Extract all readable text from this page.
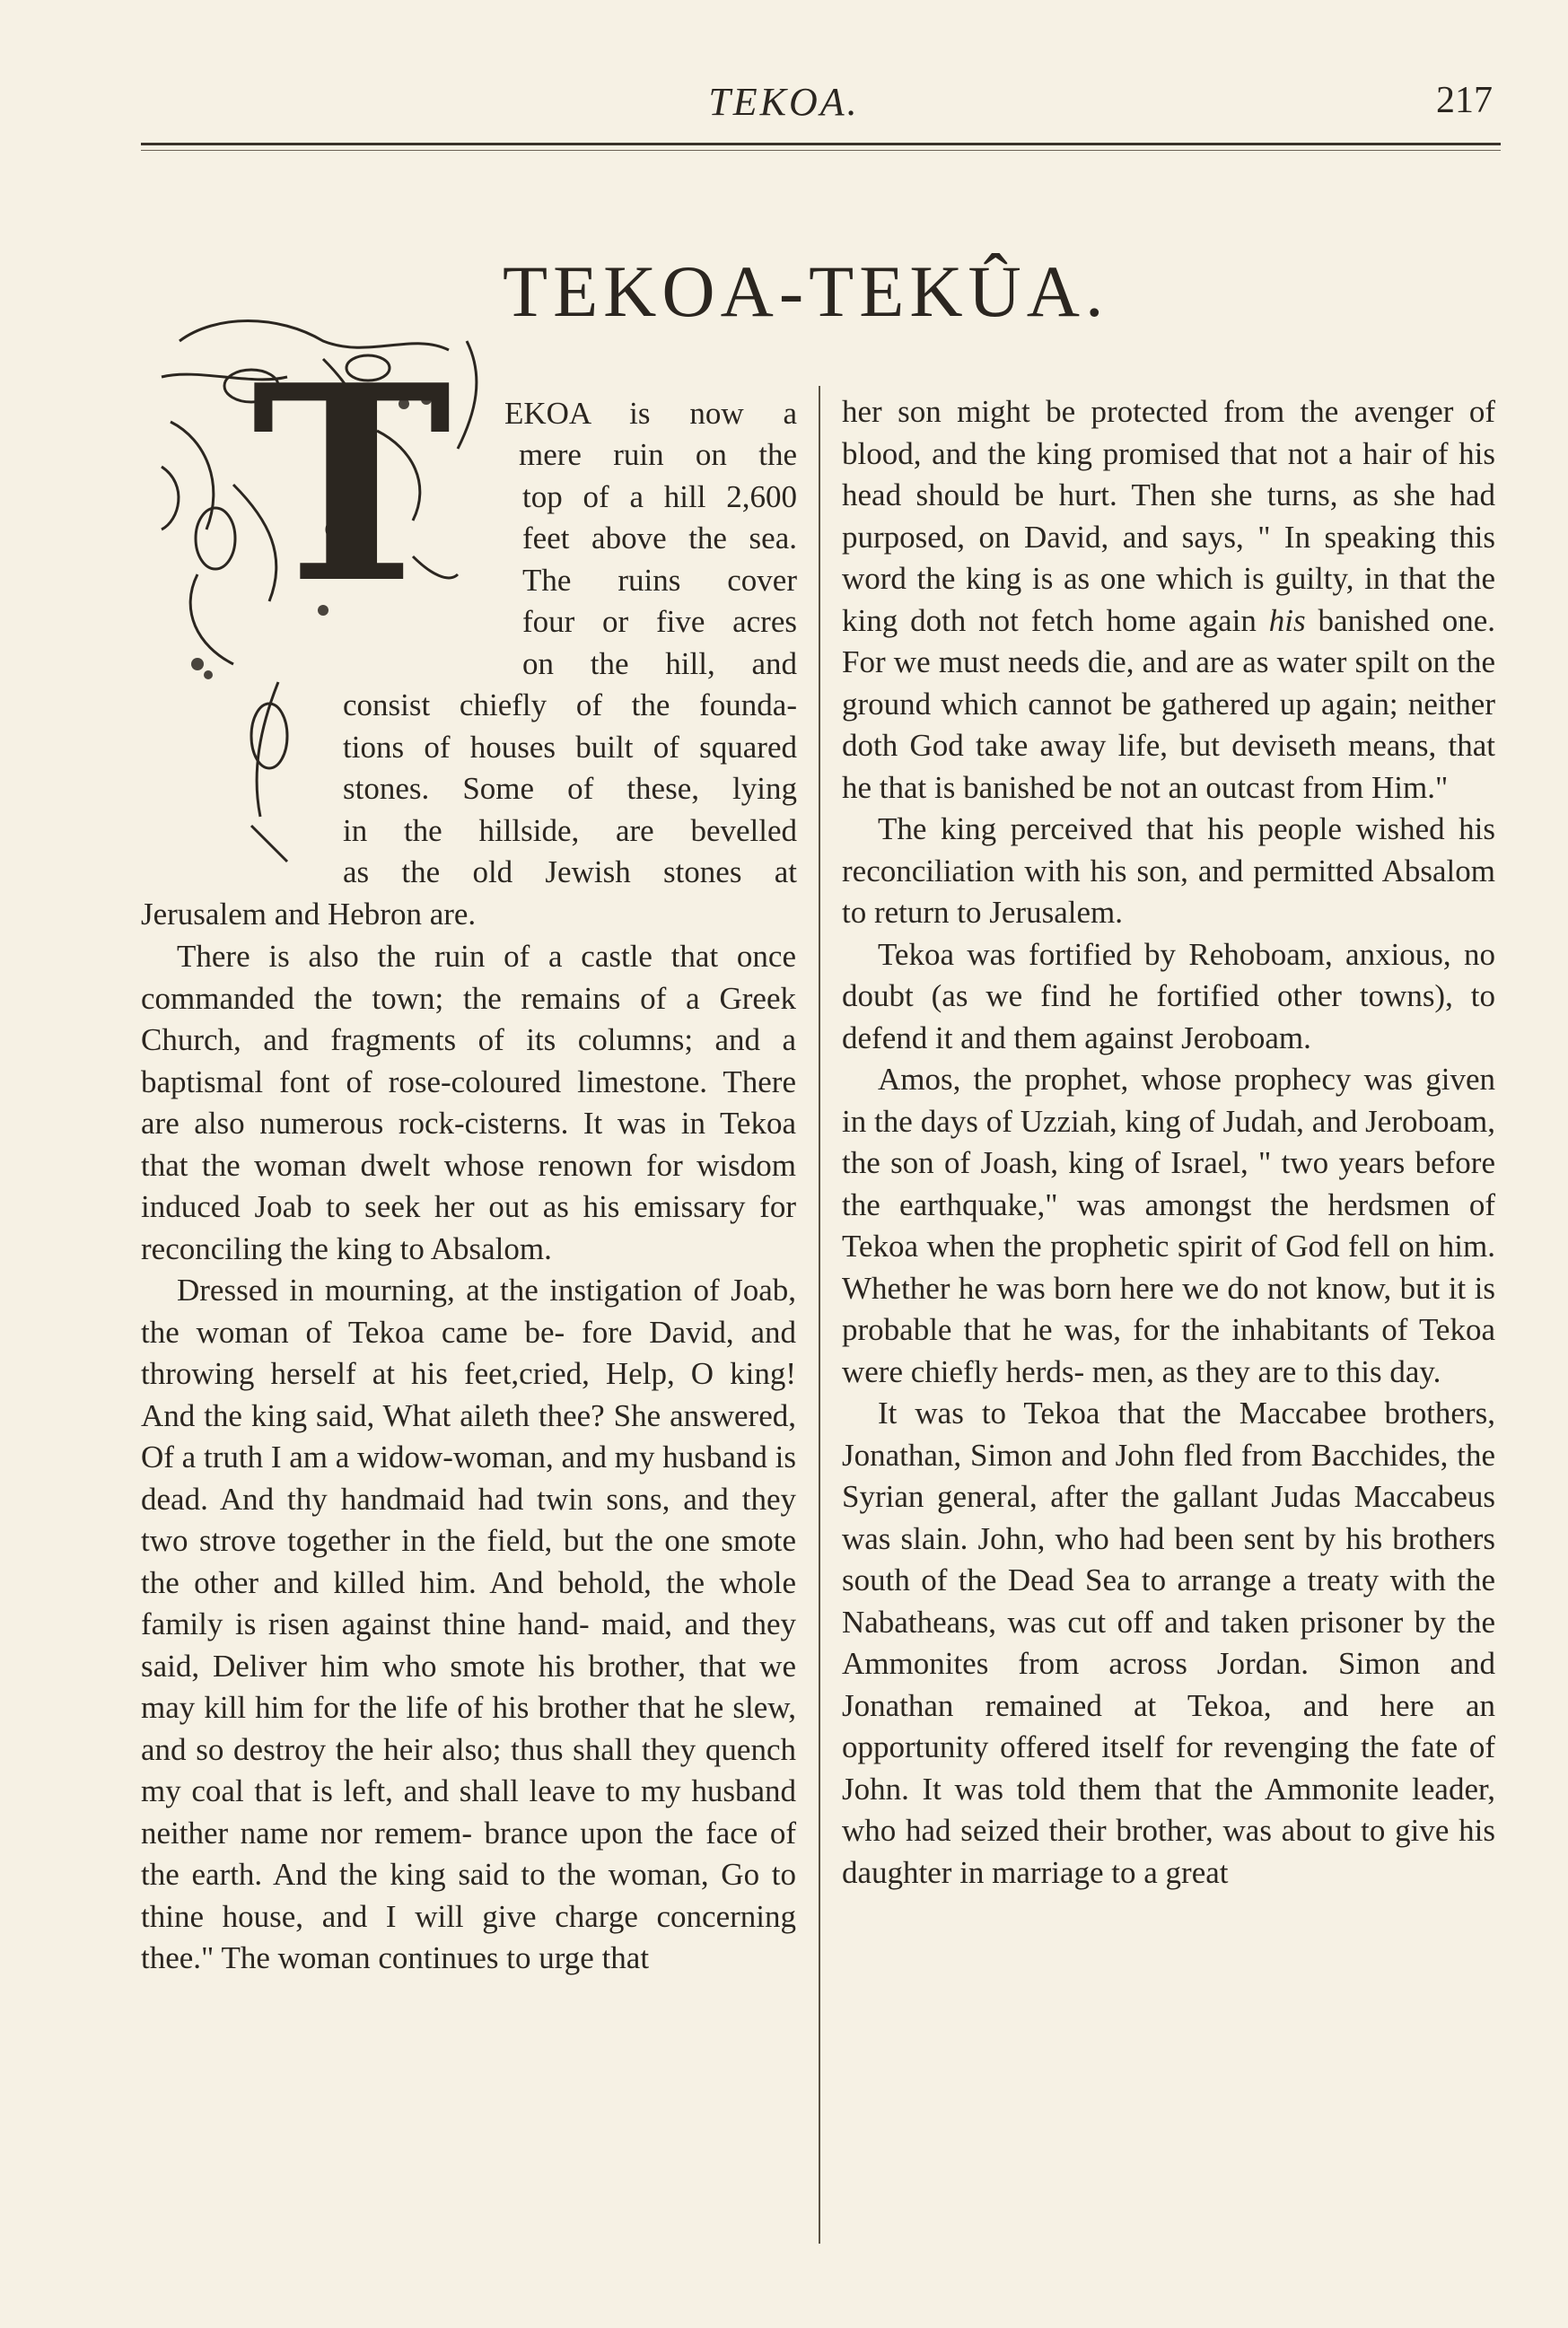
TEKOA.	217
TEKOA-TEKÛA.
T EKOA is now a
mere ruin on the
top of a hill 2,600
feet above the sea.
The ruins cover
four or five acres
on the hill, and
consist chiefly of the founda-
tions of houses built of squared
stones. Some of these, lying
in the hillside, are bevelled
as the old Jewish stones at
Jerusalem and Hebron are.

There is also the ruin of a castle that once commanded the town; the remains of a Greek Church, and fragments of its columns; and a baptismal font of rose-coloured limestone. There are also numerous rock-cisterns. It was in Tekoa that the woman dwelt whose renown for wisdom induced Joab to seek her out as his emissary for reconciling the king to Absalom.

Dressed in mourning, at the instigation of Joab, the woman of Tekoa came be- fore David, and throwing herself at his feet,cried, Help, O king! And the king said, What aileth thee? She answered, Of a truth I am a widow-woman, and my husband is dead. And thy handmaid had twin sons, and they two strove together in the field, but the one smote the other and killed him. And behold, the whole family is risen against thine hand- maid, and they said, Deliver him who smote his brother, that we may kill him for the life of his brother that he slew, and so destroy the heir also; thus shall they quench my coal that is left, and shall leave to my husband neither name nor remem- brance upon the face of the earth. And the king said to the woman, Go to thine house, and I will give charge concerning thee." The woman continues to urge that

her son might be protected from the avenger of blood, and the king promised that not a hair of his head should be hurt. Then she turns, as she had purposed, on David, and says, " In speaking this word the king is as one which is guilty, in that the king doth not fetch home again his banished one. For we must needs die, and are as water spilt on the ground which cannot be gathered up again; neither doth God take away life, but deviseth means, that he that is banished be not an outcast from Him."

The king perceived that his people wished his reconciliation with his son, and permitted Absalom to return to Jerusalem.

Tekoa was fortified by Rehoboam, anxious, no doubt (as we find he fortified other towns), to defend it and them against Jeroboam.

Amos, the prophet, whose prophecy was given in the days of Uzziah, king of Judah, and Jeroboam, the son of Joash, king of Israel, " two years before the earthquake," was amongst the herdsmen of Tekoa when the prophetic spirit of God fell on him. Whether he was born here we do not know, but it is probable that he was, for the inhabitants of Tekoa were chiefly herds- men, as they are to this day.

It was to Tekoa that the Maccabee brothers, Jonathan, Simon and John fled from Bacchides, the Syrian general, after the gallant Judas Maccabeus was slain. John, who had been sent by his brothers south of the Dead Sea to arrange a treaty with the Nabatheans, was cut off and taken prisoner by the Ammonites from across Jordan. Simon and Jonathan remained at Tekoa, and here an opportunity offered itself for revenging the fate of John. It was told them that the Ammonite leader, who had seized their brother, was about to give his daughter in marriage to a great
